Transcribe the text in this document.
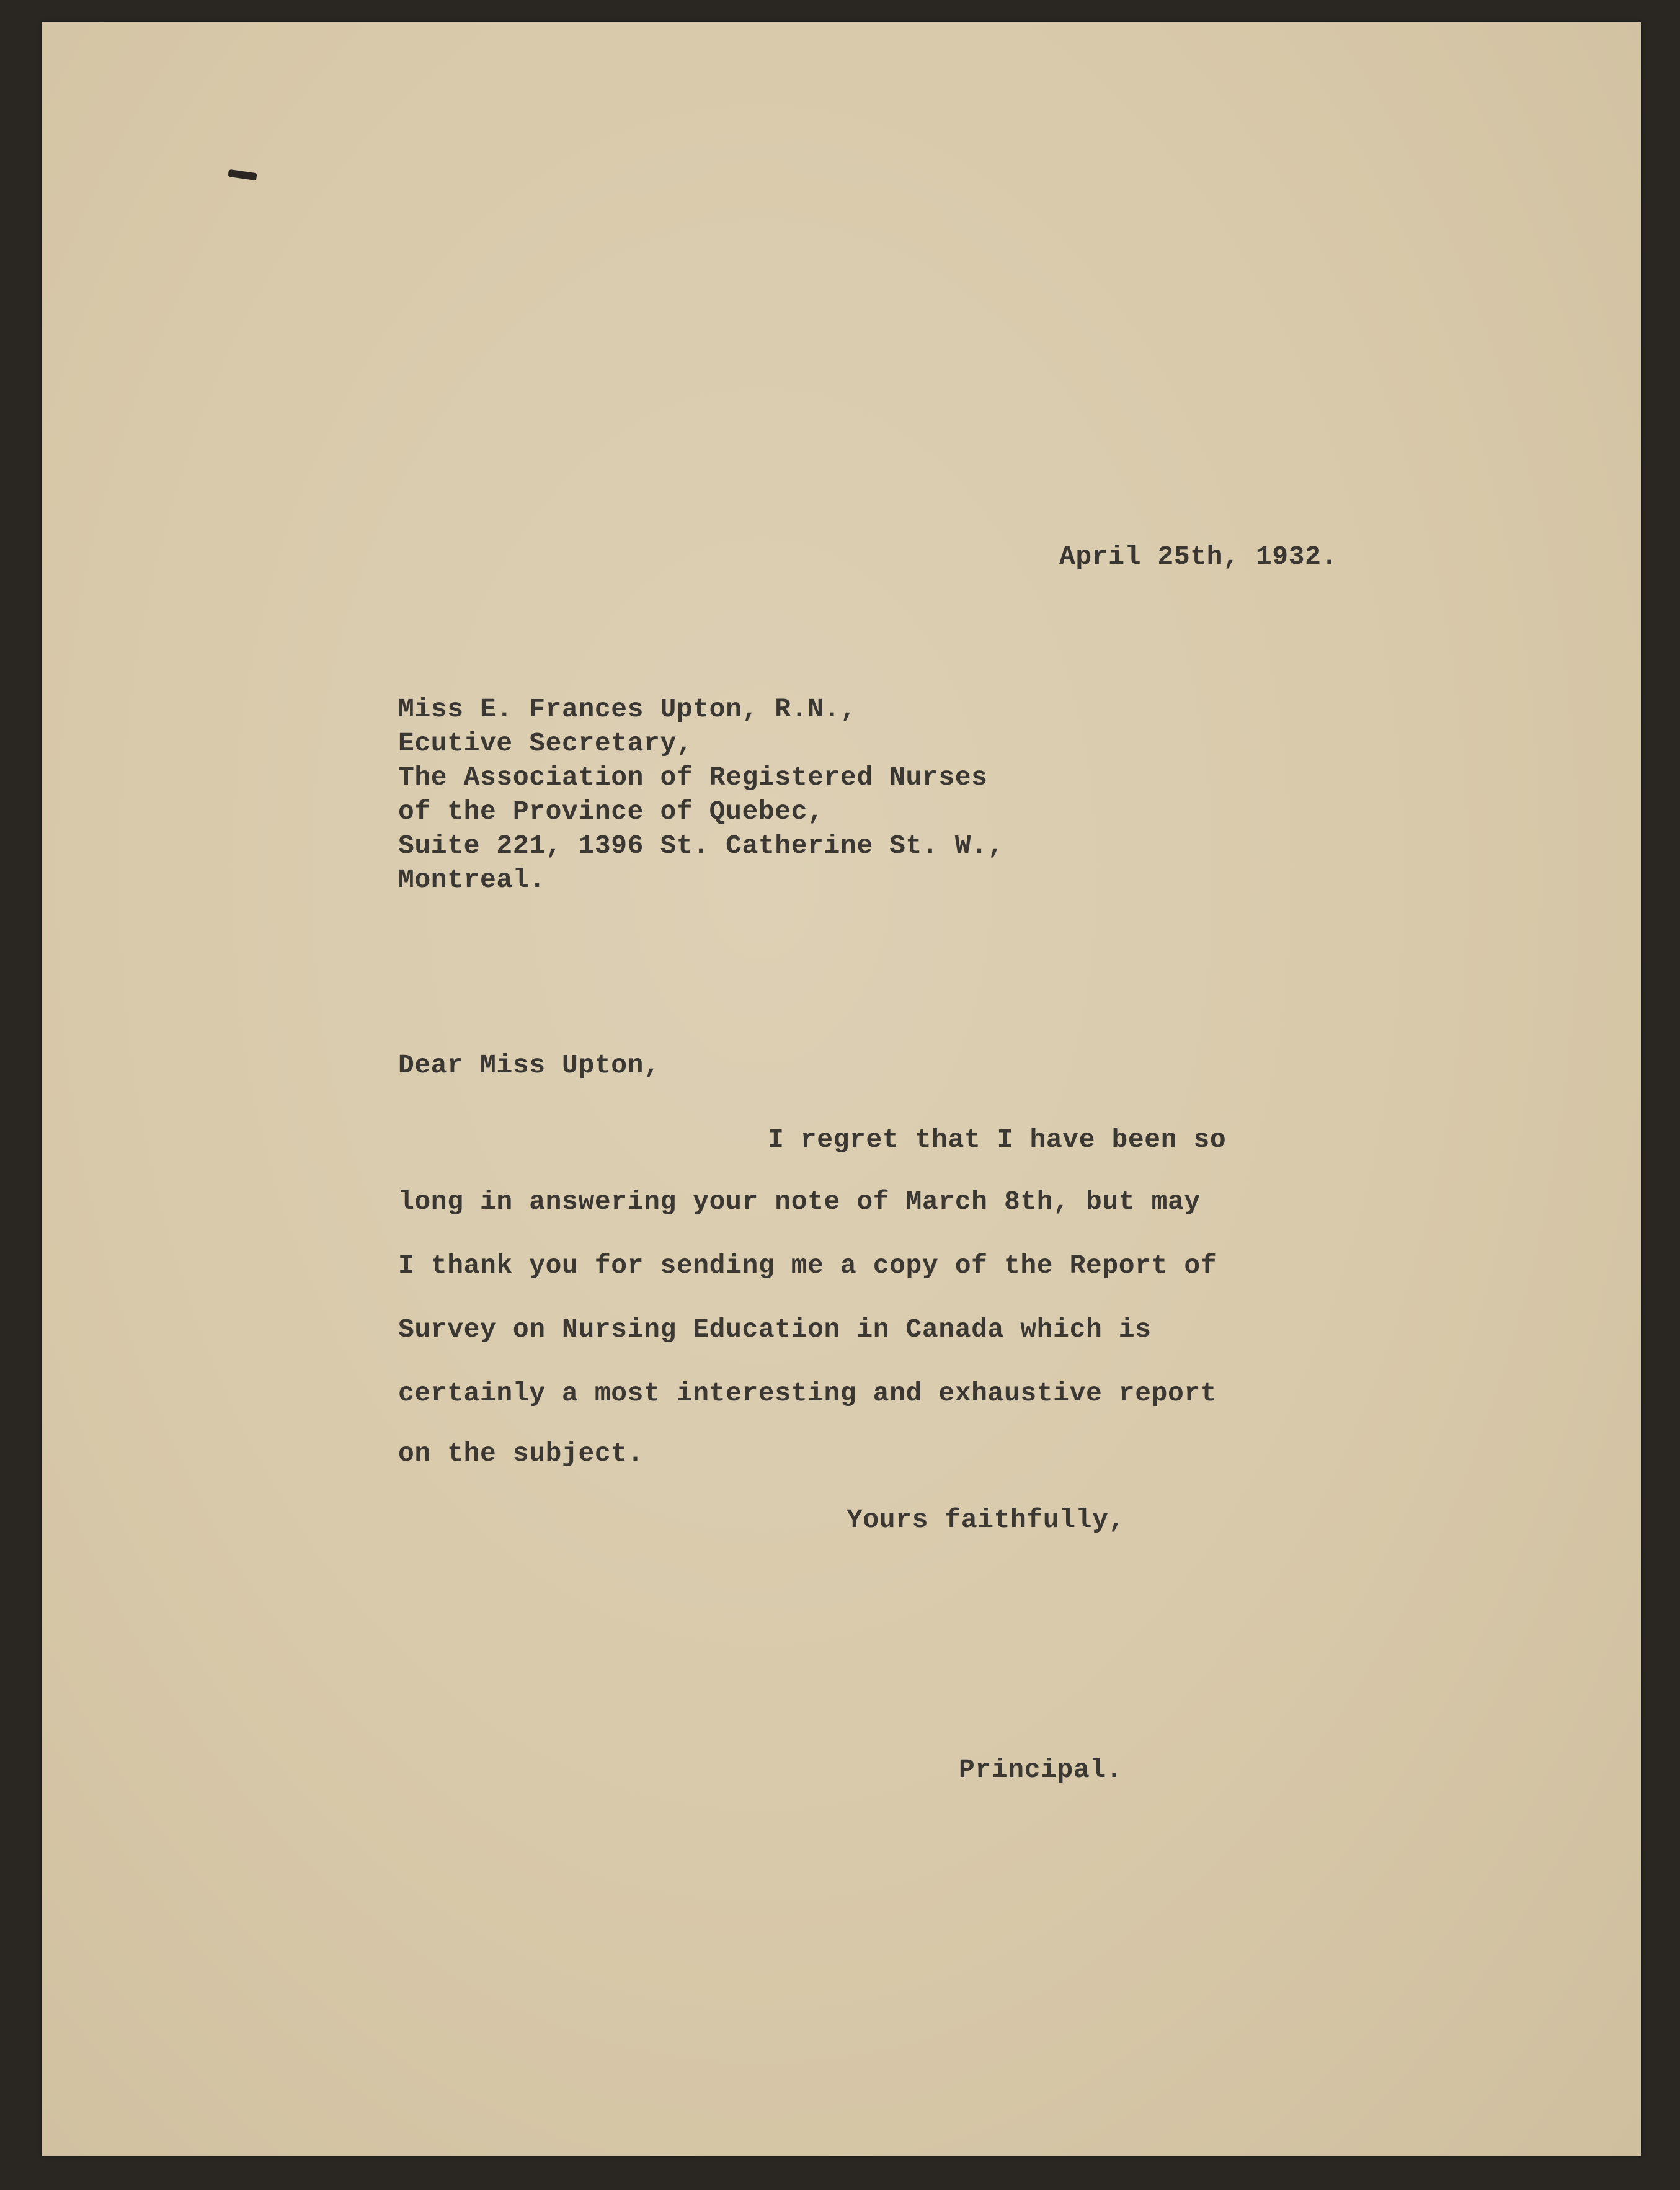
April 25th, 1932.
Miss E. Frances Upton, R.N.,
Ecutive Secretary,
The Association of Registered Nurses
of the Province of Quebec,
Suite 221, 1396 St. Catherine St. W.,
Montreal.
Dear Miss Upton,
I regret that I have been so
long in answering your note of March 8th, but may
I thank you for sending me a copy of the Report of
Survey on Nursing Education in Canada which is
certainly a most interesting and exhaustive report
on the subject.
Yours faithfully,
Principal.
